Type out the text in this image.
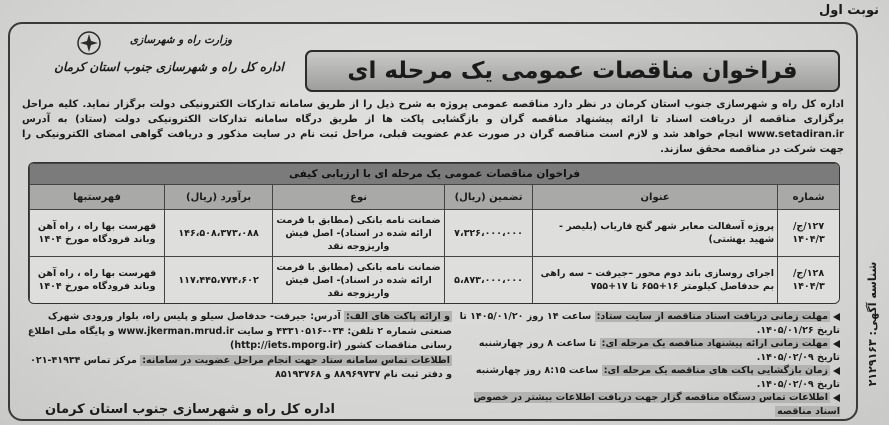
نوبت اول
شناسه آگهی: ۲۱۲۹۱۶۳
وزارت راه و شهرسازی
اداره کل راه و شهرسازی جنوب استان کرمان	فراخوان مناقصات عمومی یک مرحله ای

اداره کل راه و شهرسازی جنوب استان کرمان در نظر دارد مناقصه عمومی پروژه به شرح ذیل را از طریق سامانه تدارکات الکترونیکی دولت برگزار نماید. کلیه مراحل برگزاری مناقصه از دریافت اسناد تا ارائه پیشنهاد مناقصه گران و بازگشایی پاکت ها از طریق درگاه سامانه تدارکات الکترونیکی دولت (ستاد) به آدرس www.setadiran.ir انجام خواهد شد و لازم است مناقصه گران در صورت عدم عضویت قبلی، مراحل ثبت نام در سایت مذکور و دریافت گواهی امضای الکترونیکی را جهت شرکت در مناقصه محقق سازند.

فراخوان مناقصات عمومی یک مرحله ای با ارزیابی کیفی					
شماره	عنوان	تضمین (ریال)	نوع	برآورد (ریال)	فهرستبها
۱۲۷/ج/۱۴۰۴/۳	پروژه آسفالت معابر شهر گنج فاریاب (بلیصر - شهید بهشتی)	۷،۳۲۶،۰۰۰،۰۰۰	ضمانت نامه بانکی (مطابق با فرمت ارائه شده در اسناد)- اصل فیش واریزوجه نقد	۱۴۶،۵۰۸،۳۷۳،۰۸۸	فهرست بها راه ، راه آهن وباند فرودگاه مورخ ۱۴۰۴
۱۲۸/ج/۱۴۰۴/۳	اجرای روسازی باند دوم محور –جیرفت – سه راهی بم حدفاصل کیلومتر ۱۶+۶۵۵ تا ۱۷+۷۵۵	۵،۸۷۳،۰۰۰،۰۰۰	ضمانت نامه بانکی (مطابق با فرمت ارائه شده در اسناد)- اصل فیش واریزوجه نقد	۱۱۷،۴۴۵،۷۷۴،۶۰۲	فهرست بها راه ، راه آهن وباند فرودگاه مورخ ۱۴۰۴
مهلت زمانی دریافت اسناد مناقصه از سایت ستاد: ساعت ۱۴ روز ۱۴۰۵/۰۱/۲۰ تا تاریخ ۱۴۰۵/۰۱/۲۶.
مهلت زمانی ارائه پیشنهاد مناقصه یک مرحله ای: تا ساعت ۸ روز چهارشنبه تاریخ ۱۴۰۵/۰۲/۰۹.
زمان بازگشایی پاکت های مناقصه یک مرحله ای: ساعت ۸:۱۵ روز چهارشنبه تاریخ ۱۴۰۵/۰۲/۰۹.
اطلاعات تماس دستگاه مناقصه گزار جهت دریافت اطلاعات بیشتر در خصوص اسناد مناقصه
و ارائه پاکت های الف: آدرس: جیرفت- حدفاصل سیلو و پلیس راه، بلوار ورودی شهرک صنعتی شماره ۲ تلفن: ۰۳۴-۴۳۳۱۰۵۱۶ و سایت www.jkerman.mrud.ir و پایگاه ملی اطلاع رسانی مناقصات کشور (http://iets.mporg.ir)
اطلاعات تماس سامانه ستاد جهت انجام مراحل عضویت در سامانه: مرکز تماس ۴۱۹۳۴-۰۲۱ و دفتر ثبت نام ۸۸۹۶۹۷۳۷ و ۸۵۱۹۳۷۶۸
اداره کل راه و شهرسازی جنوب استان کرمان
